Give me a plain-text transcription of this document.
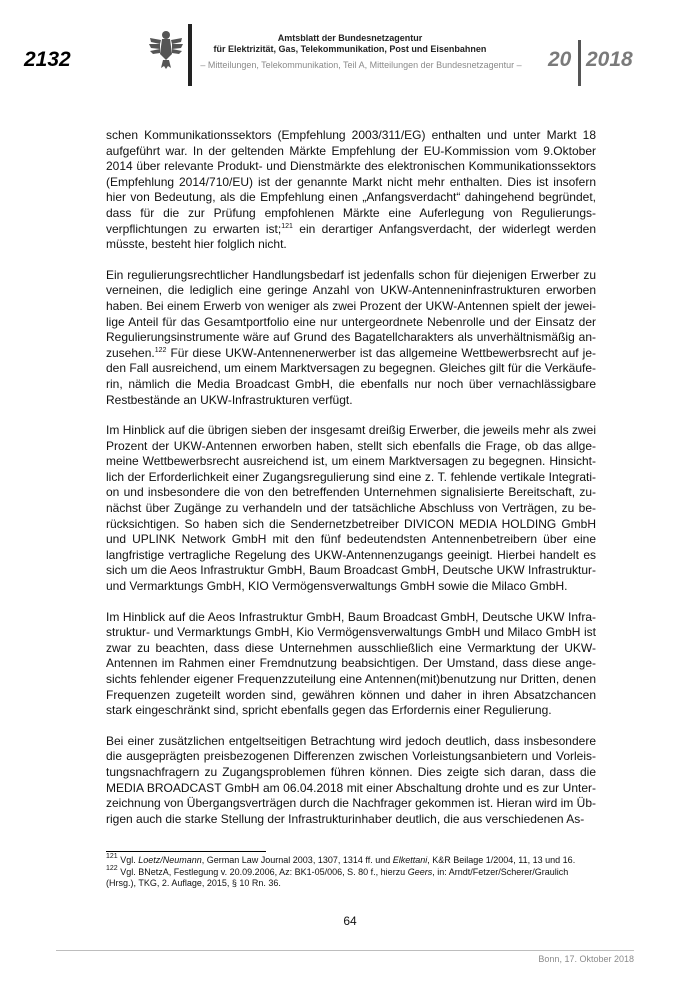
2132
Amtsblatt der Bundesnetzagentur
für Elektrizität, Gas, Telekommunikation, Post und Eisenbahnen
– Mitteilungen, Telekommunikation, Teil A, Mitteilungen der Bundesnetzagentur – 20 2018

schen Kommunikationssektors (Empfehlung 2003/311/EG) enthalten und unter Markt 18 aufgeführt war. In der geltenden Märkte Empfehlung der EU-Kommission vom 9.Oktober 2014 über relevante Produkt- und Dienstmärkte des elektronischen Kommunikationssektors (Empfehlung 2014/710/EU) ist der genannte Markt nicht mehr enthalten. Dies ist insofern hier von Bedeutung, als die Empfehlung einen „Anfangsverdacht“ dahingehend begründet, dass für die zur Prüfung empfohlenen Märkte eine Auferlegung von Regulierungsverpflichtungen zu erwarten ist;$^{121}$ ein derartiger Anfangsverdacht, der widerlegt werden müsste, besteht hier folglich nicht.

Ein regulierungsrechtlicher Handlungsbedarf ist jedenfalls schon für diejenigen Erwerber zu verneinen, die lediglich eine geringe Anzahl von UKW-Antenneninfrastrukturen erworben haben. Bei einem Erwerb von weniger als zwei Prozent der UKW-Antennen spielt der jeweilige Anteil für das Gesamtportfolio eine nur untergeordnete Nebenrolle und der Einsatz der Regulierungsinstrumente wäre auf Grund des Bagatellcharakters als unverhältnismäßig anzusehen.$^{122}$ Für diese UKW-Antennenerwerber ist das allgemeine Wettbewerbsrecht auf jeden Fall ausreichend, um einem Marktversagen zu begegnen. Gleiches gilt für die Verkäuferin, nämlich die Media Broadcast GmbH, die ebenfalls nur noch über vernachlässigbare Restbestände an UKW-Infrastrukturen verfügt.

Im Hinblick auf die übrigen sieben der insgesamt dreißig Erwerber, die jeweils mehr als zwei Prozent der UKW-Antennen erworben haben, stellt sich ebenfalls die Frage, ob das allgemeine Wettbewerbsrecht ausreichend ist, um einem Marktversagen zu begegnen. Hinsichtlich der Erforderlichkeit einer Zugangsregulierung sind eine z. T. fehlende vertikale Integration und insbesondere die von den betreffenden Unternehmen signalisierte Bereitschaft, zunächst über Zugänge zu verhandeln und der tatsächliche Abschluss von Verträgen, zu berücksichtigen. So haben sich die Sendernetzbetreiber DIVICON MEDIA HOLDING GmbH und UPLINK Network GmbH mit den fünf bedeutendsten Antennenbetreibern über eine langfristige vertragliche Regelung des UKW-Antennenzugangs geeinigt. Hierbei handelt es sich um die Aeos Infrastruktur GmbH, Baum Broadcast GmbH, Deutsche UKW Infrastruktur- und Vermarktungs GmbH, KIO Vermögensverwaltungs GmbH sowie die Milaco GmbH.

Im Hinblick auf die Aeos Infrastruktur GmbH, Baum Broadcast GmbH, Deutsche UKW Infrastruktur- und Vermarktungs GmbH, Kio Vermögensverwaltungs GmbH und Milaco GmbH ist zwar zu beachten, dass diese Unternehmen ausschließlich eine Vermarktung der UKW-Antennen im Rahmen einer Fremdnutzung beabsichtigen. Der Umstand, dass diese angesichts fehlender eigener Frequenzzuteilung eine Antennen(mit)benutzung nur Dritten, denen Frequenzen zugeteilt worden sind, gewähren können und daher in ihren Absatzchancen stark eingeschränkt sind, spricht ebenfalls gegen das Erfordernis einer Regulierung.

Bei einer zusätzlichen entgeltseitigen Betrachtung wird jedoch deutlich, dass insbesondere die ausgeprägten preisbezogenen Differenzen zwischen Vorleistungsanbietern und Vorleistungsnachfragern zu Zugangsproblemen führen können. Dies zeigte sich daran, dass die MEDIA BROADCAST GmbH am 06.04.2018 mit einer Abschaltung drohte und es zur Unterzeichnung von Übergangsverträgen durch die Nachfrager gekommen ist. Hieran wird im Übrigen auch die starke Stellung der Infrastrukturinhaber deutlich, die aus verschiedenen As-

$^{121}$ Vgl. Loetz/Neumann, German Law Journal 2003, 1307, 1314 ff. und Elkettani, K&R Beilage 1/2004, 11, 13 und 16.
$^{122}$ Vgl. BNetzA, Festlegung v. 20.09.2006, Az: BK1-05/006, S. 80 f., hierzu Geers, in: Arndt/Fetzer/Scherer/Graulich (Hrsg.), TKG, 2. Auflage, 2015, § 10 Rn. 36.
64
Bonn, 17. Oktober 2018
